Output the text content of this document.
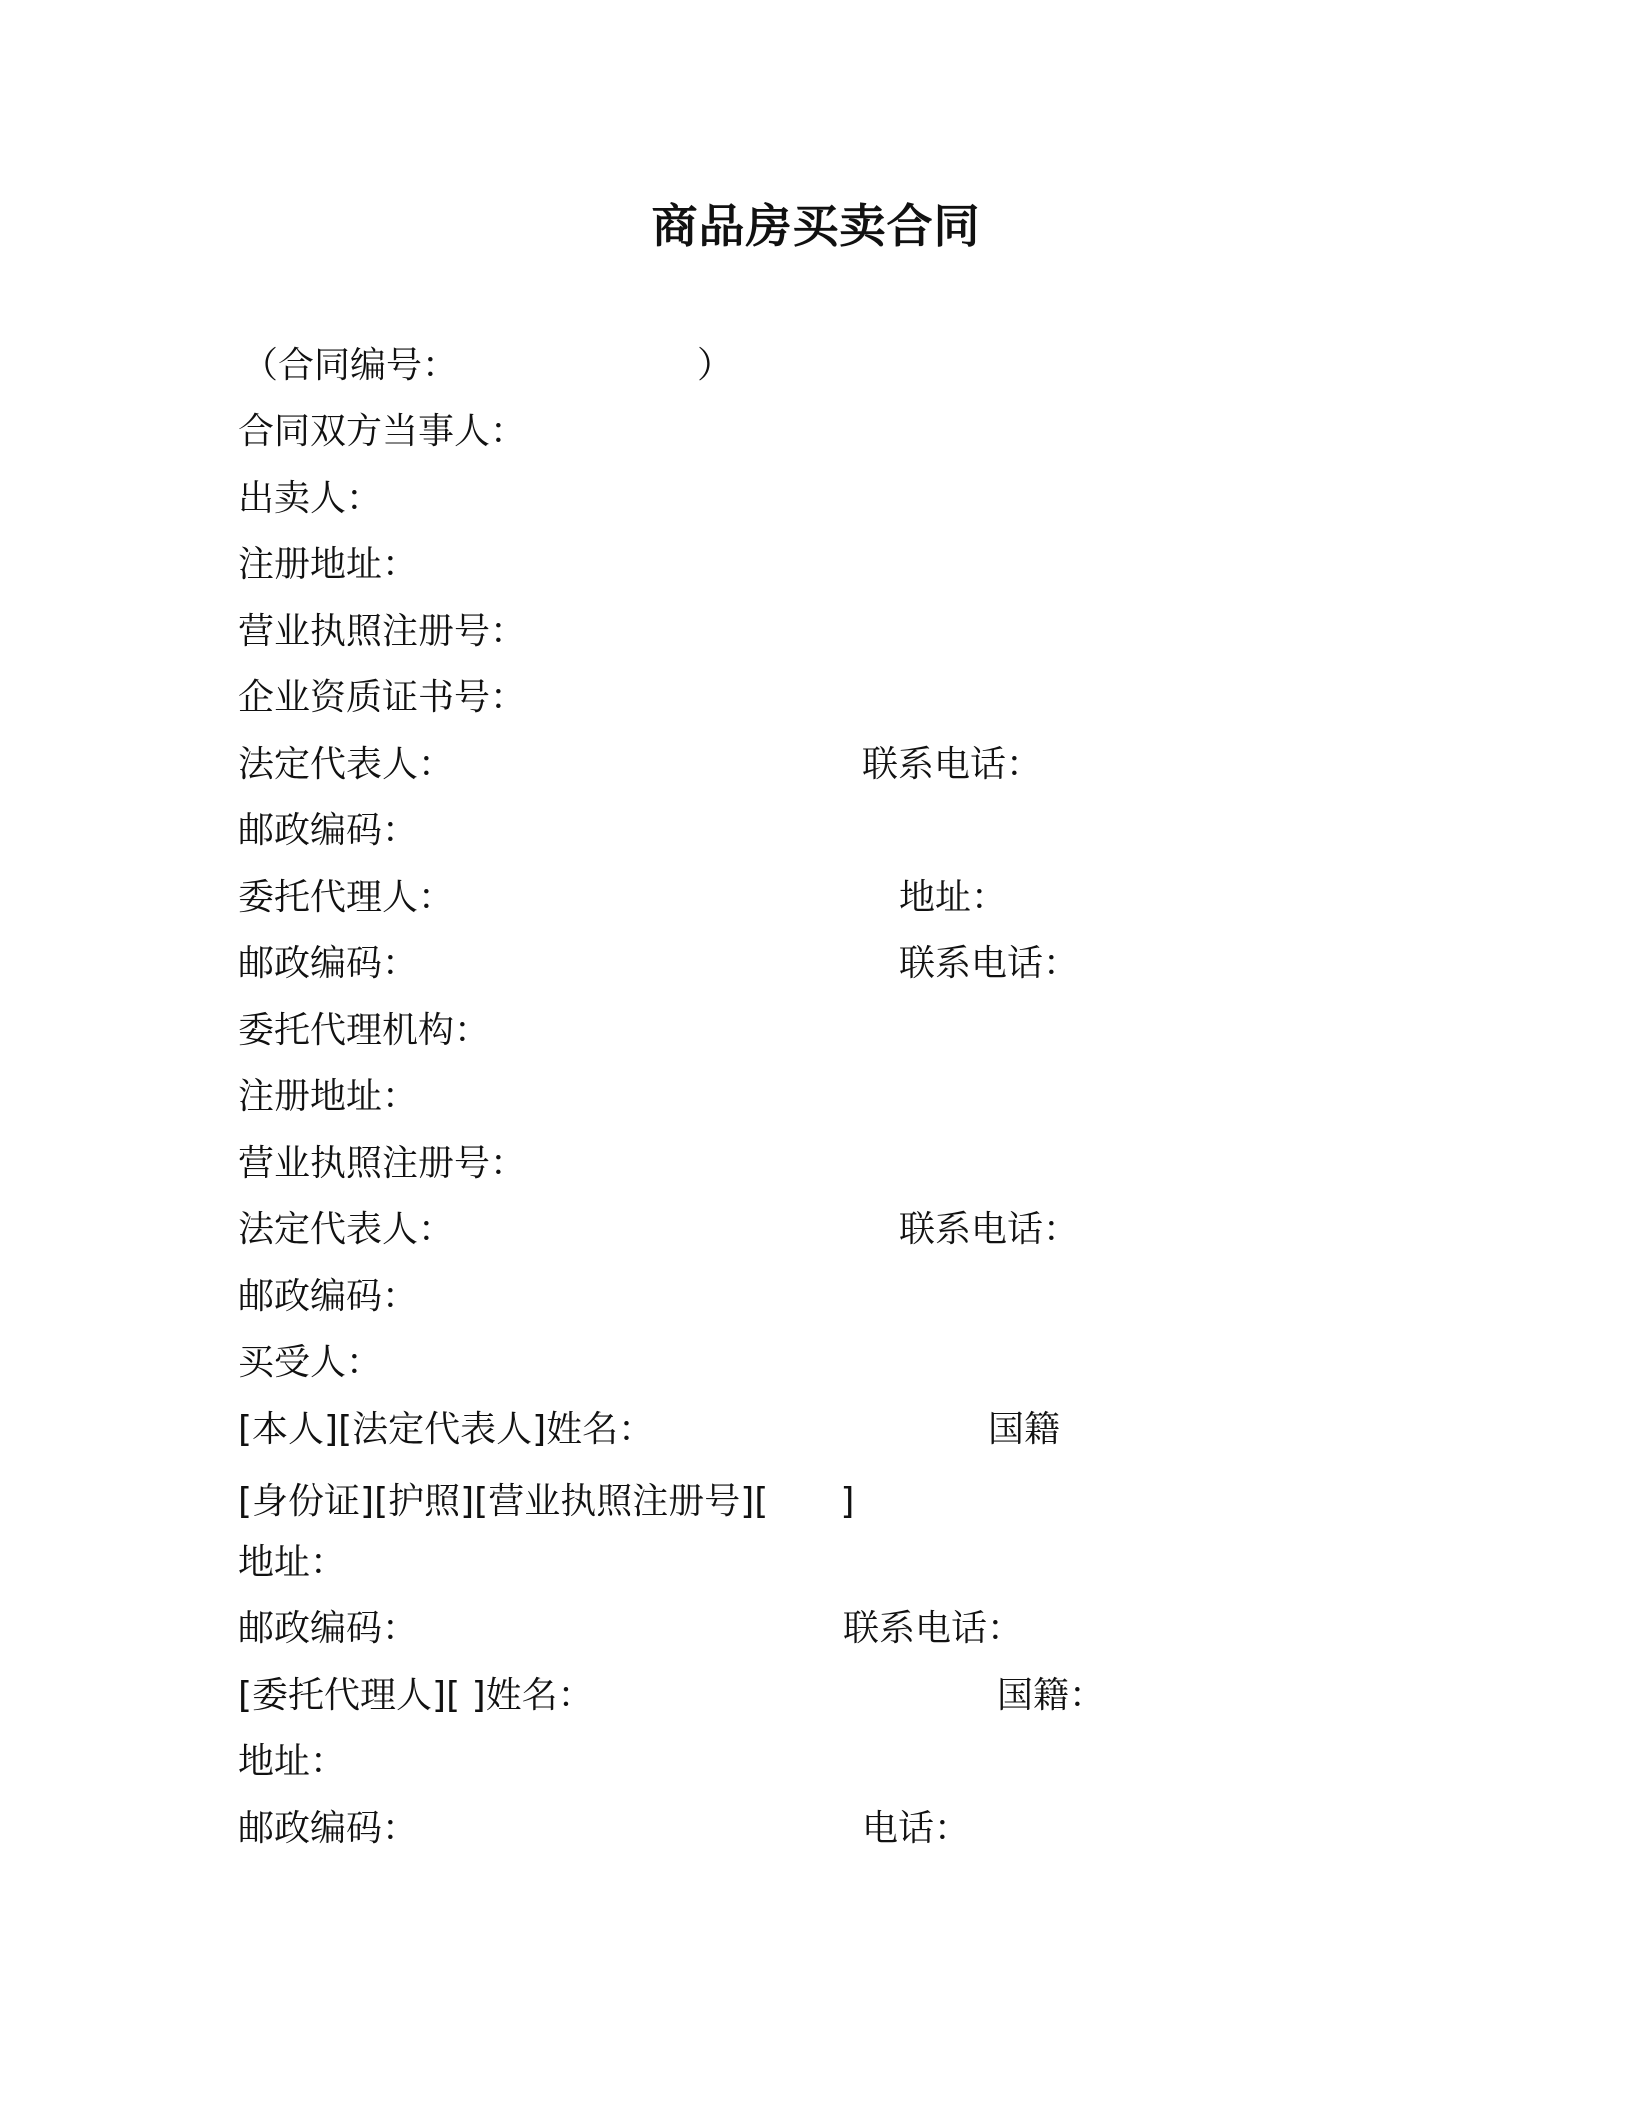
商品房买卖合同
（合同编号：	）
合同双方当事人：
出卖人：
注册地址：
营业执照注册号：
企业资质证书号：
法定代表人：	联系电话：
邮政编码：
委托代理人：	地址：
邮政编码：	联系电话：
委托代理机构：
注册地址：
营业执照注册号：
法定代表人：	联系电话：
邮政编码：
买受人：
[本人][法定代表人]姓名：	国籍
[身份证][护照][营业执照注册号][　　]
地址：
邮政编码：	联系电话：
[委托代理人][ ]姓名：	国籍：
地址：
邮政编码：	电话：
